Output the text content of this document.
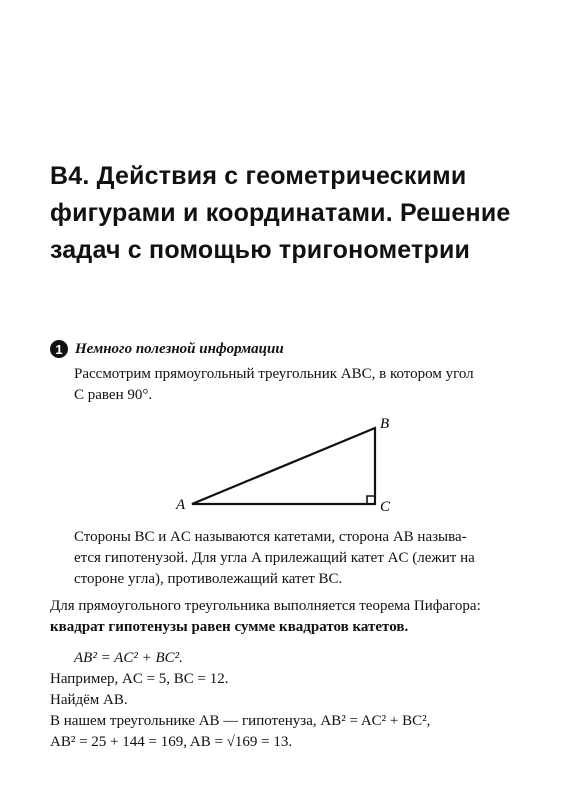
B4. Действия с геометрическими
фигурами и координатами. Решение
задач с помощью тригонометрии
1 Немного полезной информации
Рассмотрим прямоугольный треугольник ABC, в котором угол
C равен 90°.
A
B
C
Стороны BC и AC называются катетами, сторона AB называ-
ется гипотенузой. Для угла A прилежащий катет AC (лежит на
стороне угла), противолежащий катет BC.
Для прямоугольного треугольника выполняется теорема Пифагора:
квадрат гипотенузы равен сумме квадратов катетов.
AB² = AC² + BC².
Например, AC = 5, BC = 12.
Найдём AB.
В нашем треугольнике AB — гипотенуза, AB² = AC² + BC²,
AB² = 25 + 144 = 169, AB = √169 = 13.
